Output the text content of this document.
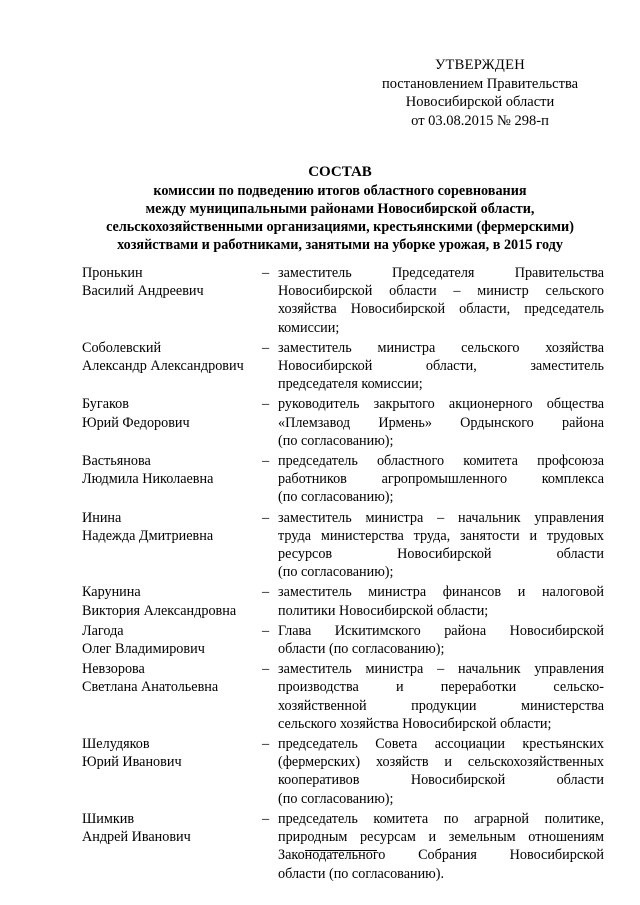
УТВЕРЖДЕН
постановлением Правительства
Новосибирской области
от 03.08.2015 № 298-п
СОСТАВ
комиссии по подведению итогов областного соревнования
между муниципальными районами Новосибирской области,
сельскохозяйственными организациями, крестьянскими (фермерскими)
хозяйствами и работниками, занятыми на уборке урожая, в 2015 году
Пронькин
Василий Андреевич
– заместитель Председателя Правительства
Новосибирской области – министр сельского
хозяйства Новосибирской области, председатель
комиссии;
Соболевский
Александр Александрович
– заместитель министра сельского хозяйства
Новосибирской области, заместитель
председателя комиссии;
Бугаков
Юрий Федорович
– руководитель закрытого акционерного общества
«Племзавод Ирмень» Ордынского района
(по согласованию);
Вастьянова
Людмила Николаевна
– председатель областного комитета профсоюза
работников агропромышленного комплекса
(по согласованию);
Инина
Надежда Дмитриевна
– заместитель министра – начальник управления
труда министерства труда, занятости и трудовых
ресурсов Новосибирской области
(по согласованию);
Карунина
Виктория Александровна
– заместитель министра финансов и налоговой
политики Новосибирской области;
Лагода
Олег Владимирович
– Глава Искитимского района Новосибирской
области (по согласованию);
Невзорова
Светлана Анатольевна
– заместитель министра – начальник управления
производства и переработки сельско-
хозяйственной продукции министерства
сельского хозяйства Новосибирской области;
Шелудяков
Юрий Иванович
– председатель Совета ассоциации крестьянских
(фермерских) хозяйств и сельскохозяйственных
кооперативов Новосибирской области
(по согласованию);
Шимкив
Андрей Иванович
– председатель комитета по аграрной политике,
природным ресурсам и земельным отношениям
Законодательного Собрания Новосибирской
области (по согласованию).
